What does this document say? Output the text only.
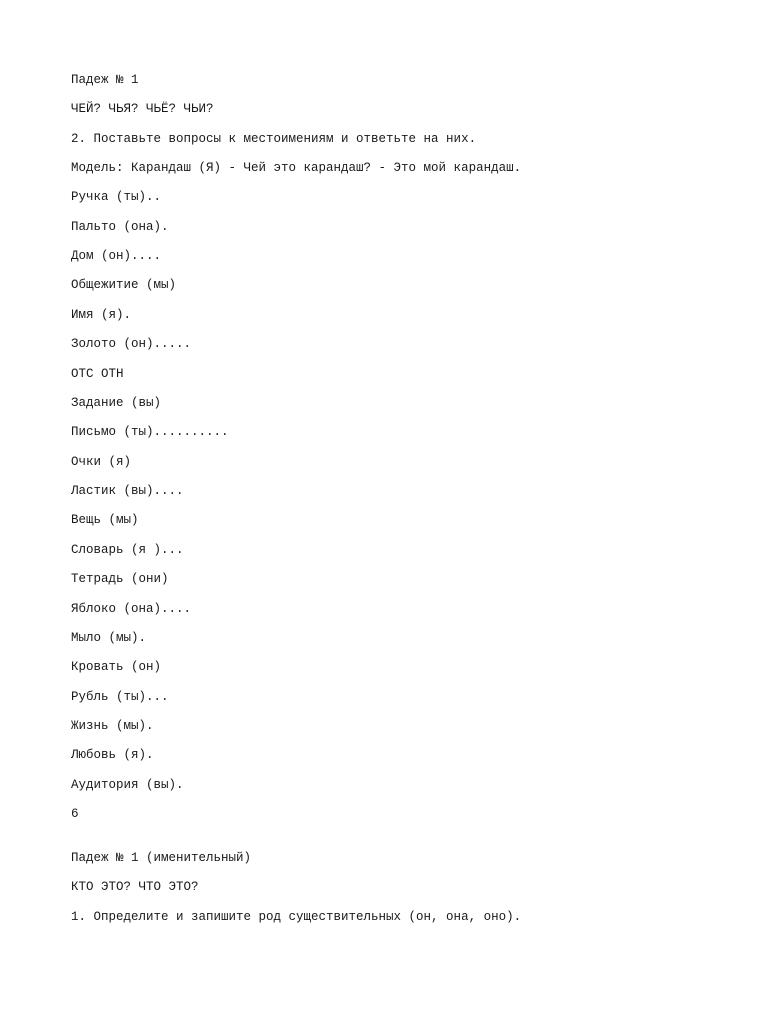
Падеж № 1

ЧЕЙ? ЧЬЯ? ЧЬЁ? ЧЬИ?

2. Поставьте вопросы к местоимениям и ответьте на них.

Модель: Карандаш (Я) - Чей это карандаш? - Это мой карандаш.

Ручка (ты)..

Пальто (она).

Дом (он)....

Общежитие (мы)

Имя (я).

Золото (он).....

ОТС ОТН

Задание (вы)

Письмо (ты)..........

Очки (я)

Ластик (вы)....

Вещь (мы)

Словарь (я )...

Тетрадь (они)

Яблоко (она)....

Мыло (мы).

Кровать (он)

Рубль (ты)...

Жизнь (мы).

Любовь (я).

Аудитория (вы).

6

Падеж № 1 (именительный)

КТО ЭТО? ЧТО ЭТО?

1. Определите и запишите род существительных (он, она, оно).
